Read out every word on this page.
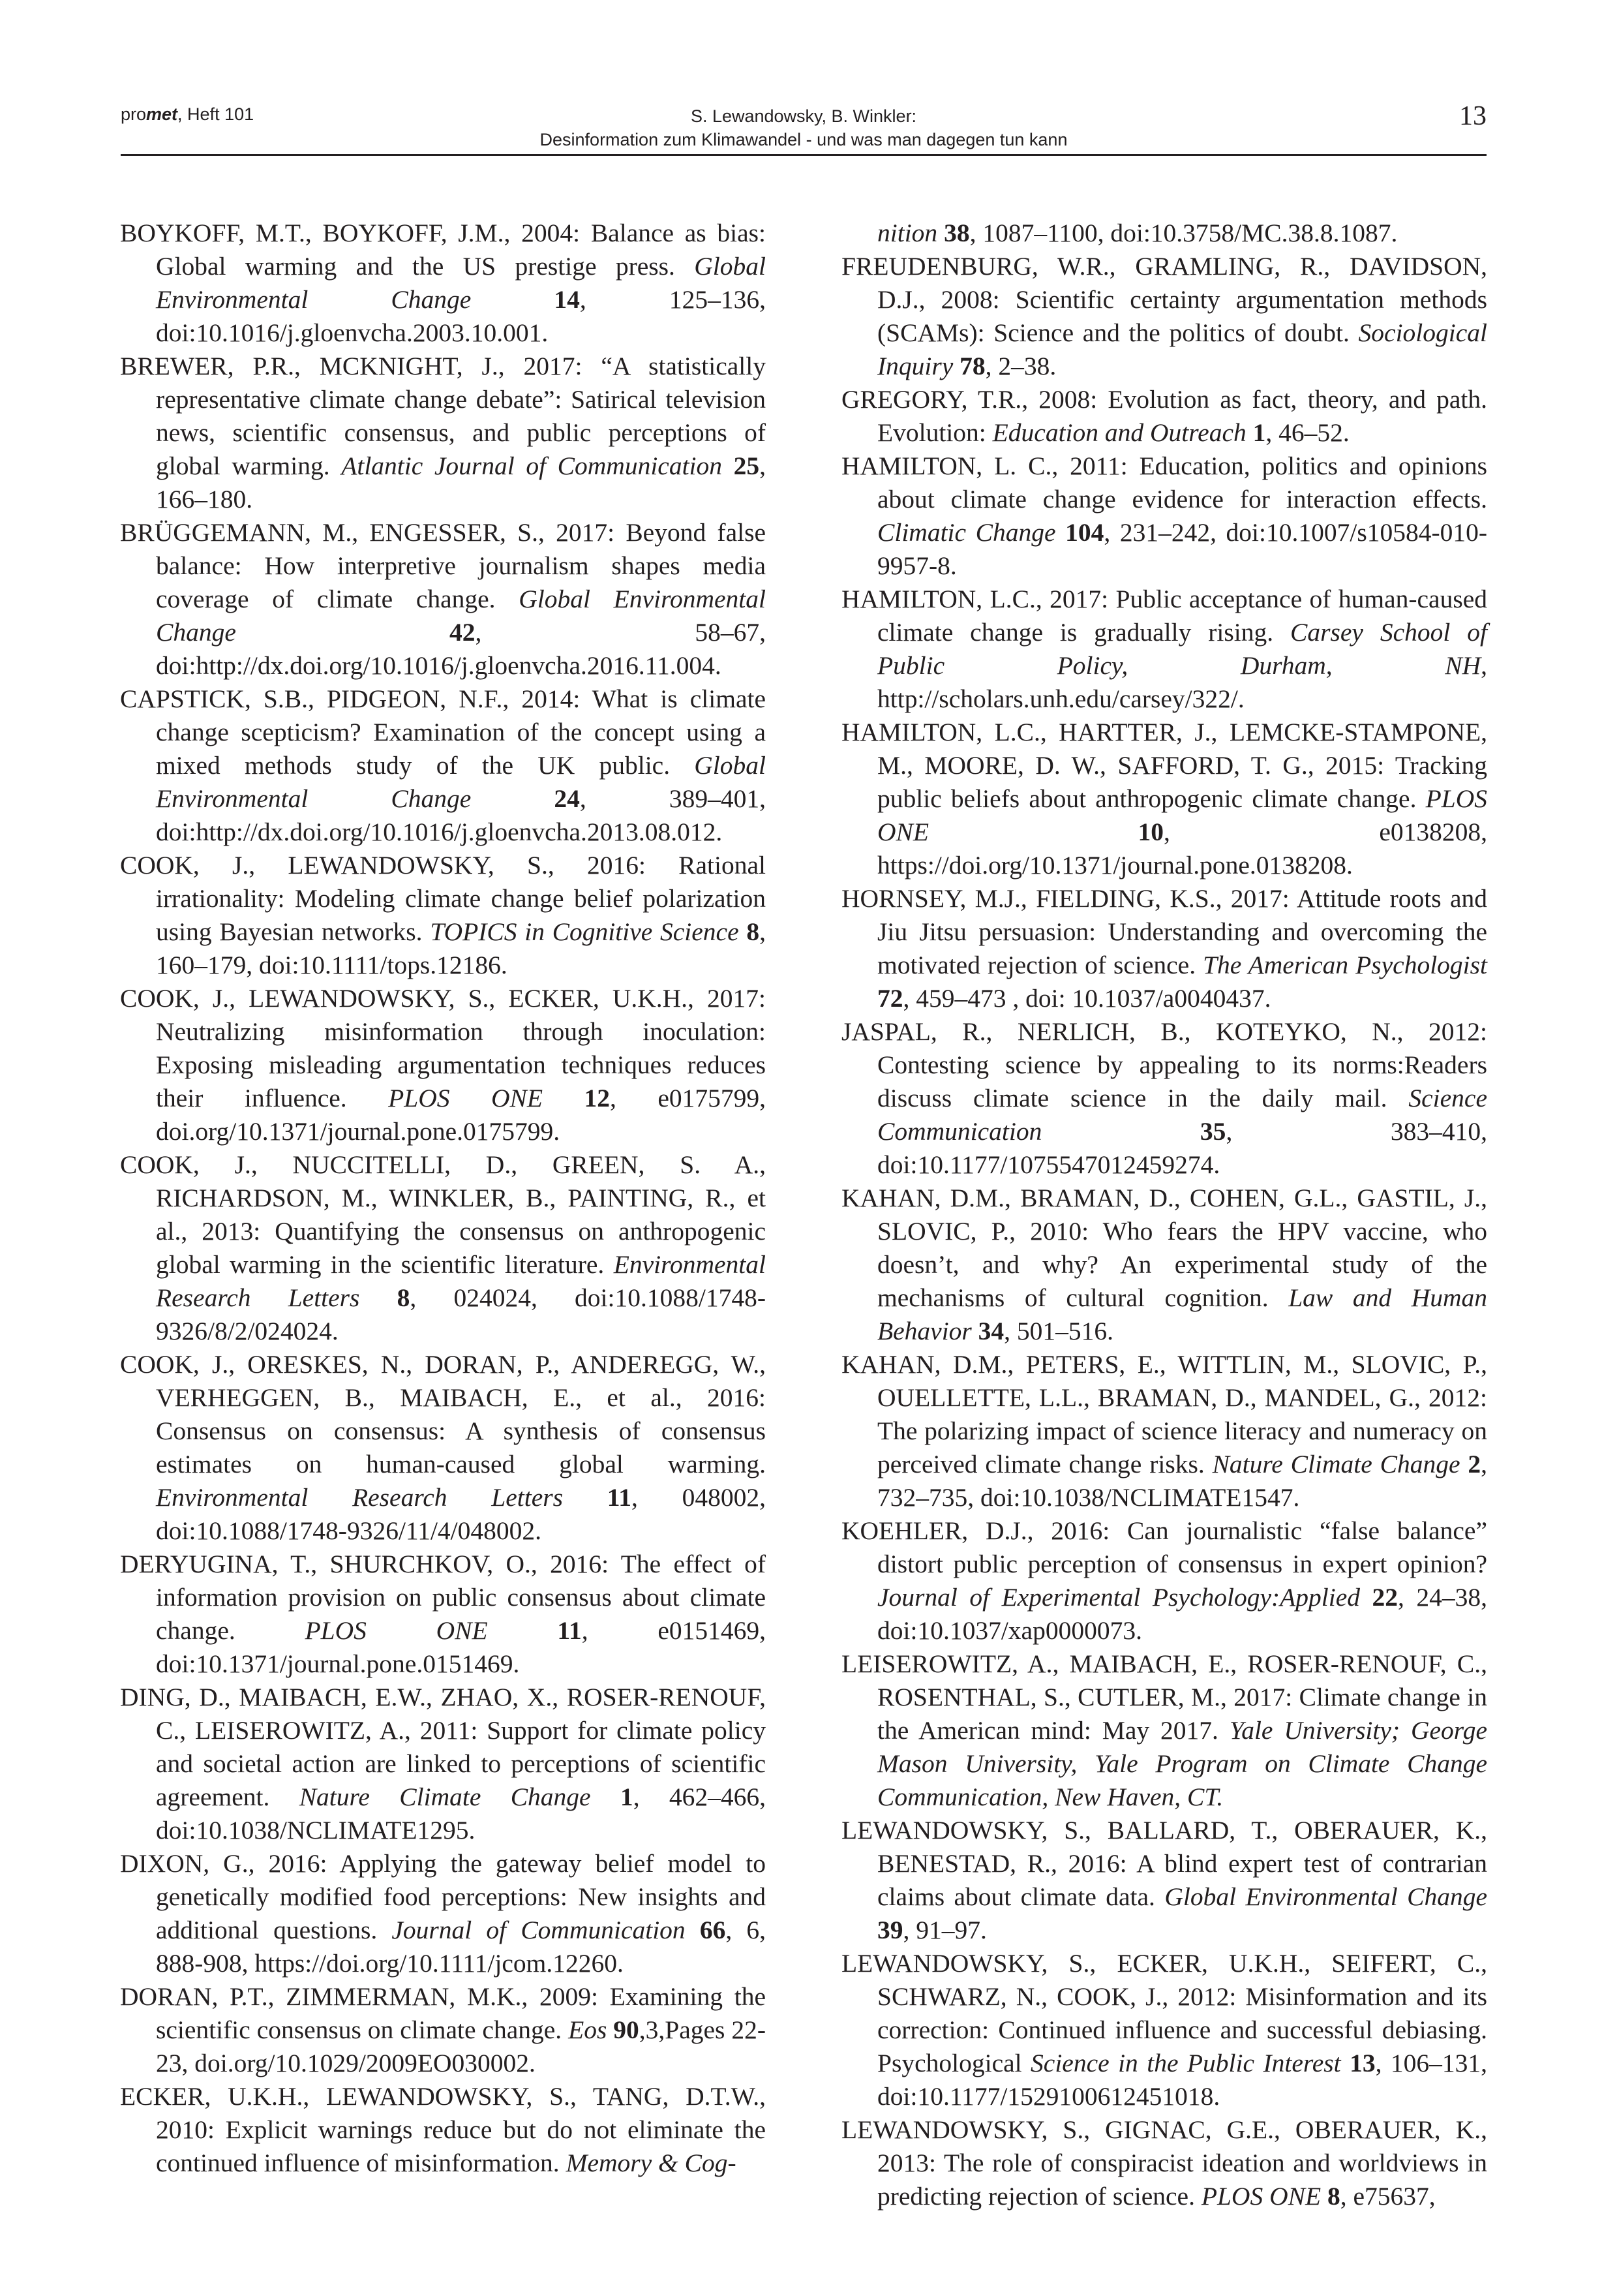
promet, Heft 101	S. Lewandowsky, B. Winkler:
Desinformation zum Klimawandel - und was man dagegen tun kann
13

BOYKOFF, M.T., BOYKOFF, J.M., 2004: Balance as bias: Global warming and the US prestige press. Global Environmental Change 14, 125–136, doi:10.1016/j.gloenvcha.2003.10.001.

BREWER, P.R., MCKNIGHT, J., 2017: “A statistically representative climate change debate”: Satirical television news, scientific consensus, and public perceptions of global warming. Atlantic Journal of Communication 25, 166–180.

BRÜGGEMANN, M., ENGESSER, S., 2017: Beyond false balance: How interpretive journalism shapes media coverage of climate change. Global Environmental Change 42, 58–67, doi:http://dx.doi.org/10.1016/j.gloenvcha.2016.11.004.

CAPSTICK, S.B., PIDGEON, N.F., 2014: What is climate change scepticism? Examination of the concept using a mixed methods study of the UK public. Global Environmental Change 24, 389–401, doi:http://dx.doi.org/10.1016/j.gloenvcha.2013.08.012.

COOK, J., LEWANDOWSKY, S., 2016: Rational irrationality: Modeling climate change belief polarization using Bayesian networks. TOPICS in Cognitive Science 8, 160–179, doi:10.1111/tops.12186.

COOK, J., LEWANDOWSKY, S., ECKER, U.K.H., 2017: Neutralizing misinformation through inoculation: Exposing misleading argumentation techniques reduces their influence. PLOS ONE 12, e0175799, doi.org/10.1371/journal.pone.0175799.

COOK, J., NUCCITELLI, D., GREEN, S. A., RICHARDSON, M., WINKLER, B., PAINTING, R., et al., 2013: Quantifying the consensus on anthropogenic global warming in the scientific literature. Environmental Research Letters 8, 024024, doi:10.1088/1748-9326/8/2/024024.

COOK, J., ORESKES, N., DORAN, P., ANDEREGG, W., VERHEGGEN, B., MAIBACH, E., et al., 2016: Consensus on consensus: A synthesis of consensus estimates on human-caused global warming. Environmental Research Letters 11, 048002, doi:10.1088/1748-9326/11/4/048002.

DERYUGINA, T., SHURCHKOV, O., 2016: The effect of information provision on public consensus about climate change. PLOS ONE 11, e0151469, doi:10.1371/journal.pone.0151469.

DING, D., MAIBACH, E.W., ZHAO, X., ROSER-RENOUF, C., LEISEROWITZ, A., 2011: Support for climate policy and societal action are linked to perceptions of scientific agreement. Nature Climate Change 1, 462–466, doi:10.1038/NCLIMATE1295.

DIXON, G., 2016: Applying the gateway belief model to genetically modified food perceptions: New insights and additional questions. Journal of Communication 66, 6, 888-908, https://doi.org/10.1111/jcom.12260.

DORAN, P.T., ZIMMERMAN, M.K., 2009: Examining the scientific consensus on climate change. Eos 90,3,Pages 22-23, doi.org/10.1029/2009EO030002.

ECKER, U.K.H., LEWANDOWSKY, S., TANG, D.T.W., 2010: Explicit warnings reduce but do not eliminate the continued influence of misinformation. Memory & Cog-

nition 38, 1087–1100, doi:10.3758/MC.38.8.1087.

FREUDENBURG, W.R., GRAMLING, R., DAVIDSON, D.J., 2008: Scientific certainty argumentation methods (SCAMs): Science and the politics of doubt. Sociological Inquiry 78, 2–38.

GREGORY, T.R., 2008: Evolution as fact, theory, and path. Evolution: Education and Outreach 1, 46–52.

HAMILTON, L. C., 2011: Education, politics and opinions about climate change evidence for interaction effects. Climatic Change 104, 231–242, doi:10.1007/s10584-010-9957-8.

HAMILTON, L.C., 2017: Public acceptance of human-caused climate change is gradually rising. Carsey School of Public Policy, Durham, NH, http://scholars.unh.edu/carsey/322/.

HAMILTON, L.C., HARTTER, J., LEMCKE-STAMPONE, M., MOORE, D. W., SAFFORD, T. G., 2015: Tracking public beliefs about anthropogenic climate change. PLOS ONE 10, e0138208, https://doi.org/10.1371/journal.pone.0138208.

HORNSEY, M.J., FIELDING, K.S., 2017: Attitude roots and Jiu Jitsu persuasion: Understanding and overcoming the motivated rejection of science. The American Psychologist 72, 459–473 , doi: 10.1037/a0040437.

JASPAL, R., NERLICH, B., KOTEYKO, N., 2012: Contesting science by appealing to its norms:Readers discuss climate science in the daily mail. Science Communication 35, 383–410, doi:10.1177/1075547012459274.

KAHAN, D.M., BRAMAN, D., COHEN, G.L., GASTIL, J., SLOVIC, P., 2010: Who fears the HPV vaccine, who doesn’t, and why? An experimental study of the mechanisms of cultural cognition. Law and Human Behavior 34, 501–516.

KAHAN, D.M., PETERS, E., WITTLIN, M., SLOVIC, P., OUELLETTE, L.L., BRAMAN, D., MANDEL, G., 2012: The polarizing impact of science literacy and numeracy on perceived climate change risks. Nature Climate Change 2, 732–735, doi:10.1038/NCLIMATE1547.

KOEHLER, D.J., 2016: Can journalistic “false balance” distort public perception of consensus in expert opinion? Journal of Experimental Psychology:Applied 22, 24–38, doi:10.1037/xap0000073.

LEISEROWITZ, A., MAIBACH, E., ROSER-RENOUF, C., ROSENTHAL, S., CUTLER, M., 2017: Climate change in the American mind: May 2017. Yale University; George Mason University, Yale Program on Climate Change Communication, New Haven, CT.

LEWANDOWSKY, S., BALLARD, T., OBERAUER, K., BENESTAD, R., 2016: A blind expert test of contrarian claims about climate data. Global Environmental Change 39, 91–97.

LEWANDOWSKY, S., ECKER, U.K.H., SEIFERT, C., SCHWARZ, N., COOK, J., 2012: Misinformation and its correction: Continued influence and successful debiasing. Psychological Science in the Public Interest 13, 106–131, doi:10.1177/1529100612451018.

LEWANDOWSKY, S., GIGNAC, G.E., OBERAUER, K., 2013: The role of conspiracist ideation and worldviews in predicting rejection of science. PLOS ONE 8, e75637,
